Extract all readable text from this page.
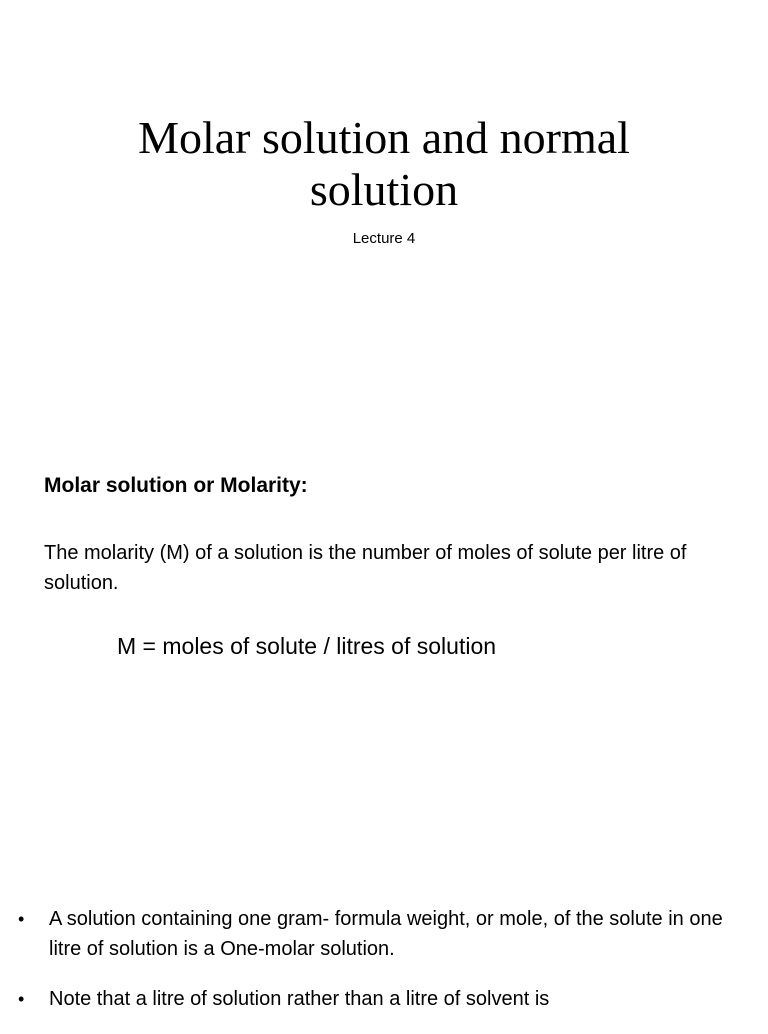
Molar solution and normal
solution
Lecture 4
Molar solution or Molarity:
The molarity (M) of a solution is the number of moles of solute per litre of solution.
M = moles of solute / litres of solution
• A solution containing one gram- formula weight, or mole, of the solute in one litre of solution is a One-molar solution.
• Note that a litre of solution rather than a litre of solvent is
